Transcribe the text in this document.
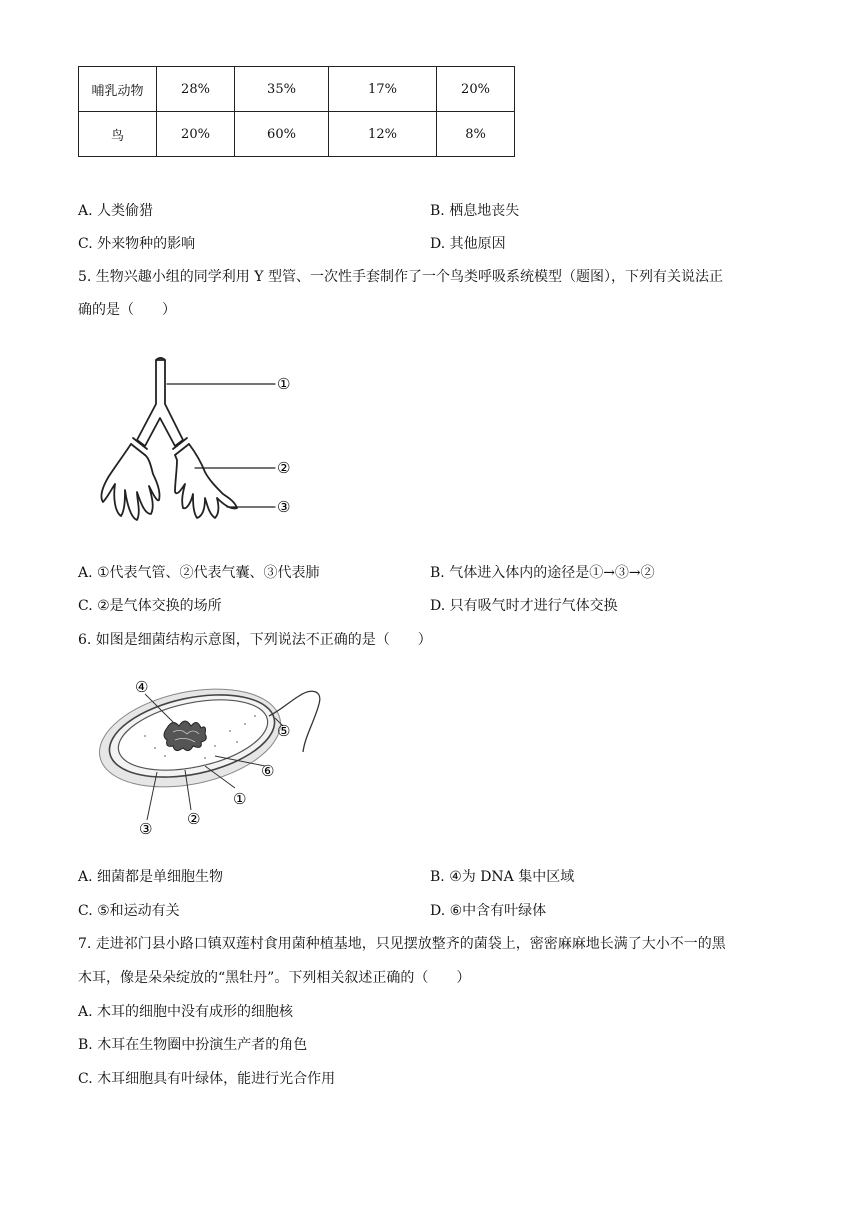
哺乳动物	28%	35%	17%	20%
鸟	20%	60%	12%	8%
A. 人类偷猎	B. 栖息地丧失
C. 外来物种的影响	D. 其他原因
5. 生物兴趣小组的同学利用 Y 型管、一次性手套制作了一个鸟类呼吸系统模型（题图），下列有关说法正
确的是（　　）
①
②
③
A. ①代表气管、②代表气囊、③代表肺	B. 气体进入体内的途径是①→③→②
C. ②是气体交换的场所	D. 只有吸气时才进行气体交换
6. 如图是细菌结构示意图，下列说法不正确的是（　　）
④
⑤
⑥
①
②
③
A. 细菌都是单细胞生物	B. ④为 DNA 集中区域
C. ⑤和运动有关	D. ⑥中含有叶绿体
7. 走进祁门县小路口镇双莲村食用菌种植基地，只见摆放整齐的菌袋上，密密麻麻地长满了大小不一的黑
木耳，像是朵朵绽放的“黑牡丹”。下列相关叙述正确的（　　）
A. 木耳的细胞中没有成形的细胞核
B. 木耳在生物圈中扮演生产者的角色
C. 木耳细胞具有叶绿体，能进行光合作用
